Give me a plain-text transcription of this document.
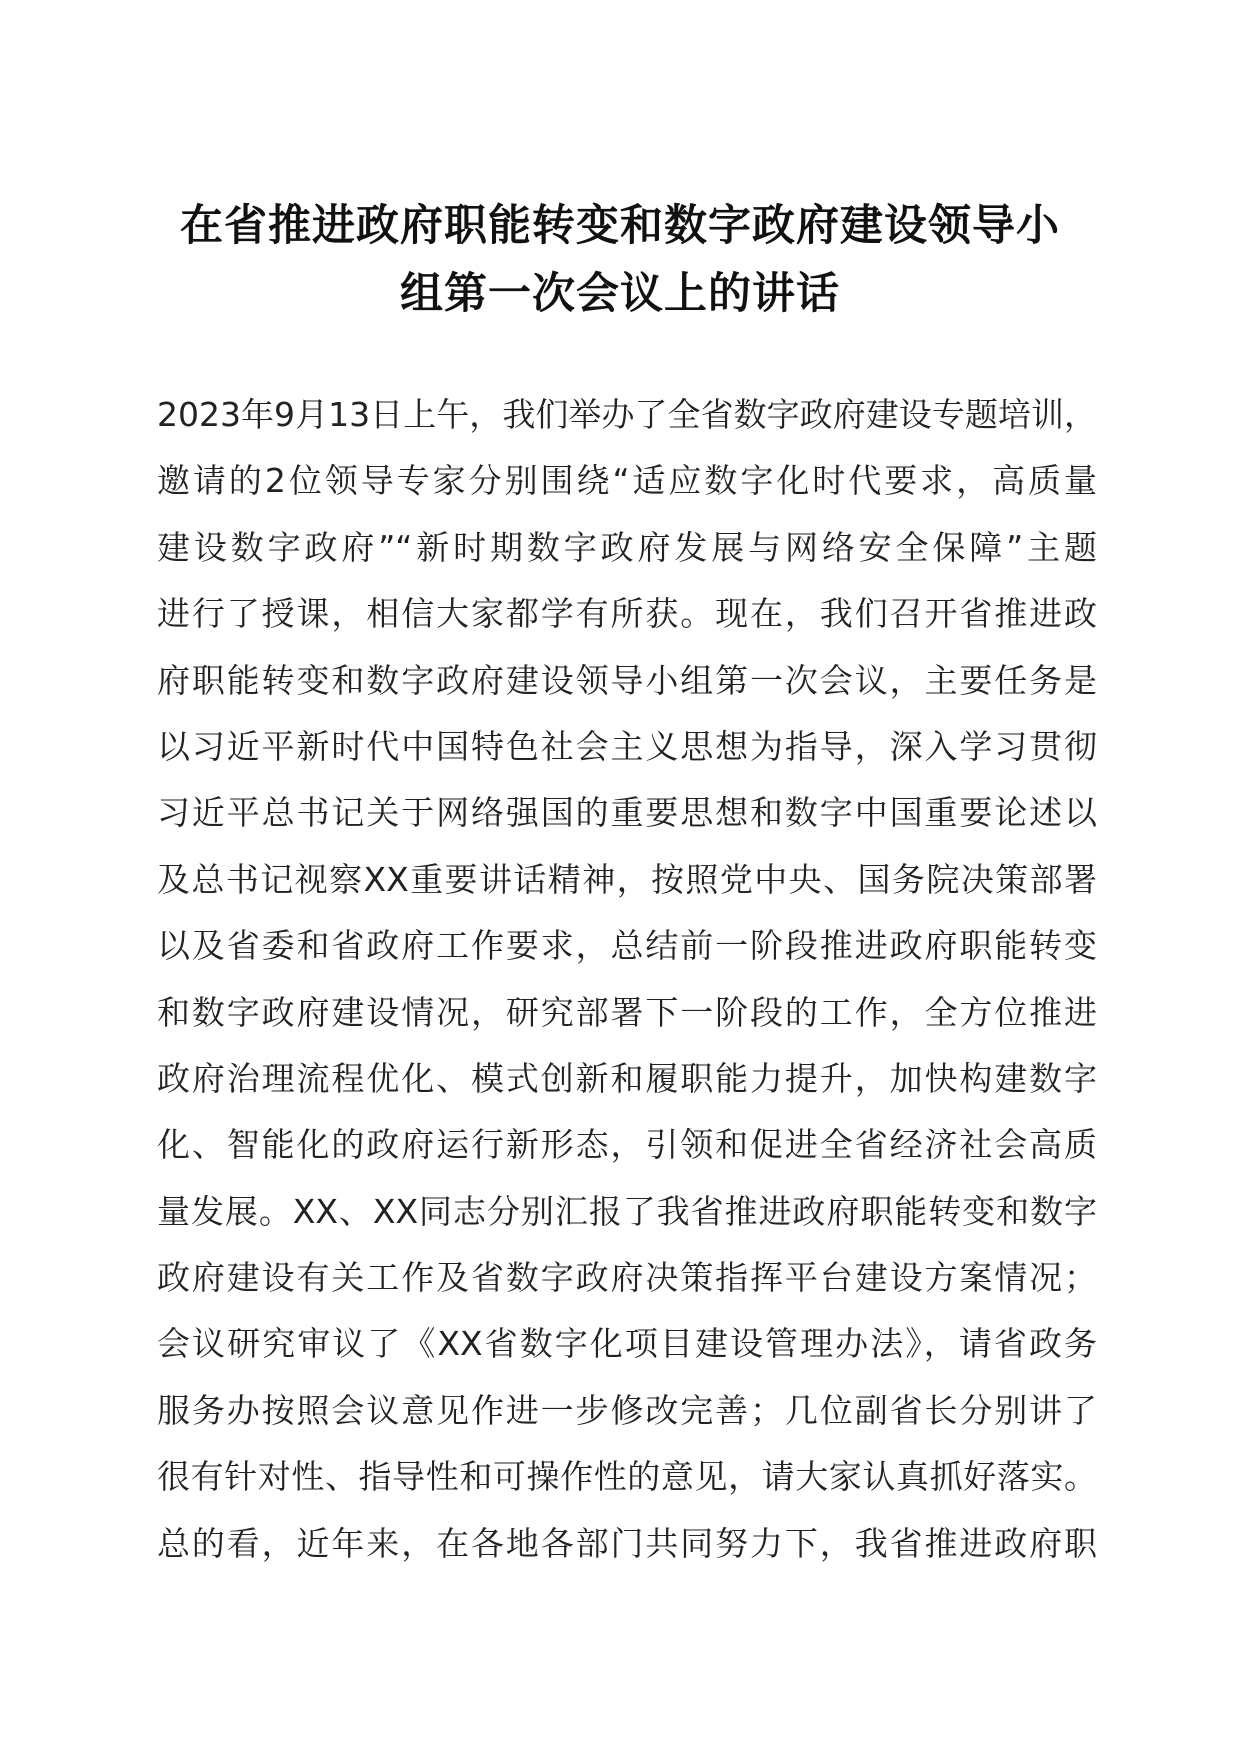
在省推进政府职能转变和数字政府建设领导小
组第一次会议上的讲话
2023年9月13日上午，我们举办了全省数字政府建设专题培训，
邀请的2位领导专家分别围绕“适应数字化时代要求，高质量
建设数字政府”“新时期数字政府发展与网络安全保障”主题
进行了授课，相信大家都学有所获。现在，我们召开省推进政
府职能转变和数字政府建设领导小组第一次会议，主要任务是
以习近平新时代中国特色社会主义思想为指导，深入学习贯彻
习近平总书记关于网络强国的重要思想和数字中国重要论述以
及总书记视察XX重要讲话精神，按照党中央、国务院决策部署
以及省委和省政府工作要求，总结前一阶段推进政府职能转变
和数字政府建设情况，研究部署下一阶段的工作，全方位推进
政府治理流程优化、模式创新和履职能力提升，加快构建数字
化、智能化的政府运行新形态，引领和促进全省经济社会高质
量发展。XX、XX同志分别汇报了我省推进政府职能转变和数字
政府建设有关工作及省数字政府决策指挥平台建设方案情况；
会议研究审议了《XX省数字化项目建设管理办法》，请省政务
服务办按照会议意见作进一步修改完善；几位副省长分别讲了
很有针对性、指导性和可操作性的意见，请大家认真抓好落实。
总的看，近年来，在各地各部门共同努力下，我省推进政府职
